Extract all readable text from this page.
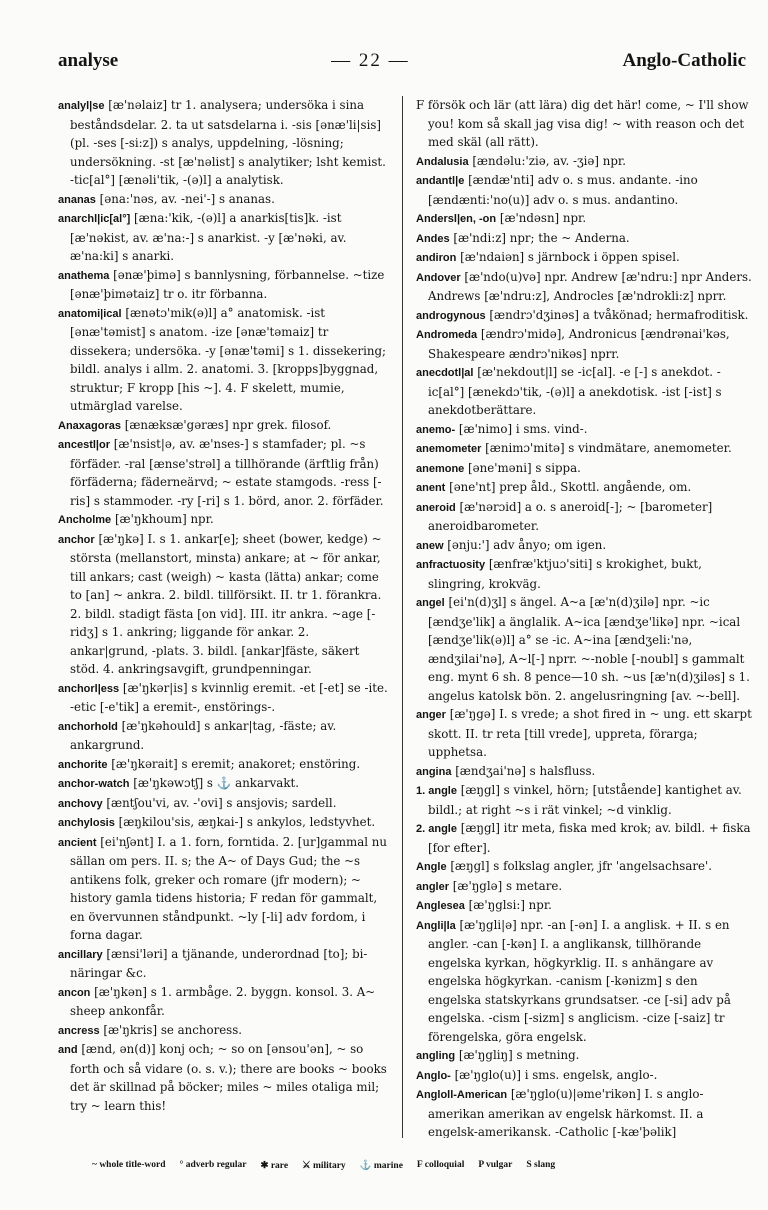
analyse	— 22 —	Anglo-Catholic

analyl|se [æ'nəlaiz] tr 1. analysera; undersöka i sina beståndsdelar. 2. ta ut satsdelarna i. -sis [ənæ'li|sis] (pl. -ses [-si:z]) s analys, uppdelning, -lösning; undersökning. -st [æ'nəlist] s analytiker; lsht kemist. -tic[al°] [ænəli'tik, -(ə)l] a analytisk.

ananas [əna:'nəs, av. -nei'-] s ananas.

anarchl|ic[al°] [æna:'kik, -(ə)l] a anarkis[tis]k. -ist [æ'nəkist, av. æ'na:-] s anarkist. -y [æ'nəki, av. æ'na:ki] s anarki.

anathema [ənæ'þimə] s bannlysning, förbannelse. ~tize [ənæ'þimətaiz] tr o. itr förbanna.

anatomi|ical [ænətɔ'mik(ə)l] a° anatomisk. -ist [ənæ'təmist] s anatom. -ize [ənæ'təmaiz] tr dissekera; undersöka. -y [ənæ'təmi] s 1. dissekering; bildl. analys i allm. 2. anatomi. 3. [kropps]byggnad, struktur; F kropp [his ~]. 4. F skelett, mumie, utmärglad varelse.

Anaxagoras [ænæksæ'gəræs] npr grek. filosof.

ancestl|or [æ'nsist|ə, av. æ'nses-] s stamfader; pl. ~s förfäder. -ral [ænse'strəl] a tillhörande (ärftlig från) förfäderna; fäderneärvd; ~ estate stamgods. -ress [-ris] s stammoder. -ry [-ri] s 1. börd, anor. 2. förfäder.

Ancholme [æ'ŋkhoum] npr.

anchor [æ'ŋkə] I. s 1. ankar[e]; sheet (bower, kedge) ~ största (mellanstort, minsta) ankare; at ~ för ankar, till ankars; cast (weigh) ~ kasta (lätta) ankar; come to [an] ~ ankra. 2. bildl. tillförsikt. II. tr 1. förankra. 2. bildl. stadigt fästa [on vid]. III. itr ankra. ~age [-ridʒ] s 1. ankring; liggande för ankar. 2. ankar|grund, -plats. 3. bildl. [ankar]fäste, säkert stöd. 4. ankringsavgift, grundpenningar.

anchorl|ess [æ'ŋkər|is] s kvinnlig eremit. -et [-et] se -ite. -etic [-e'tik] a eremit-, enstörings-.

anchorhold [æ'ŋkəhould] s ankar|tag, -fäste; av. ankargrund.

anchorite [æ'ŋkərait] s eremit; anakoret; enstöring.

anchor-watch [æ'ŋkəwɔtʃ] s ⚓ ankarvakt.

anchovy [æntʃou'vi, av. -'ovi] s ansjovis; sardell.

anchylosis [æŋkilou'sis, æŋkai-] s ankylos, ledstyvhet.

ancient [ei'nʃənt] I. a 1. forn, forntida. 2. [ur]gammal nu sällan om pers. II. s; the A~ of Days Gud; the ~s antikens folk, greker och romare (jfr modern); ~ history gamla tidens historia; F redan för gammalt, en övervunnen ståndpunkt. ~ly [-li] adv fordom, i forna dagar.

ancillary [ænsi'ləri] a tjänande, underordnad [to]; bi- näringar &c.

ancon [æ'ŋkən] s 1. armbåge. 2. byggn. konsol. 3. A~ sheep ankonfår.

ancress [æ'ŋkris] se anchoress.

and [ænd, ən(d)] konj och; ~ so on [ənsou'ən], ~ so forth och så vidare (o. s. v.); there are books ~ books det är skillnad på böcker; miles ~ miles otaliga mil; try ~ learn this!

F försök och lär (att lära) dig det här! come, ~ I'll show you! kom så skall jag visa dig! ~ with reason och det med skäl (all rätt).

Andalusia [ændəlu:'ziə, av. -ʒiə] npr.

andantl|e [ændæ'nti] adv o. s mus. andante. -ino [ændænti:'no(u)] adv o. s mus. andantino.

Andersl|en, -on [æ'ndəsn] npr.

Andes [æ'ndi:z] npr; the ~ Anderna.

andiron [æ'ndaiən] s järnbock i öppen spisel.

Andover [æ'ndo(u)və] npr. Andrew [æ'ndru:] npr Anders. Andrews [æ'ndru:z], Androcles [æ'ndrokli:z] nprr.

androgynous [ændrɔ'dʒinəs] a tvåkönad; hermafroditisk.

Andromeda [ændrɔ'midə], Andronicus [ændrənai'kəs, Shakespeare ændrɔ'nikəs] nprr.

anecdotl|al [æ'nekdout|l] se -ic[al]. -e [-] s anekdot. -ic[al°] [ænekdɔ'tik, -(ə)l] a anekdotisk. -ist [-ist] s anekdotberättare.

anemo- [æ'nimo] i sms. vind-.

anemometer [ænimɔ'mitə] s vindmätare, anemometer.

anemone [əne'məni] s sippa.

anent [əne'nt] prep åld., Skottl. angående, om.

aneroid [æ'nərɔid] a o. s aneroid[-]; ~ [barometer] aneroidbarometer.

anew [ənju:'] adv ånyo; om igen.

anfractuosity [ænfræ'ktjuɔ'siti] s krokighet, bukt, slingring, krokväg.

angel [ei'n(d)ʒl] s ängel. A~a [æ'n(d)ʒilə] npr. ~ic [ændʒe'lik] a änglalik. A~ica [ændʒe'likə] npr. ~ical [ændʒe'lik(ə)l] a° se -ic. A~ina [ændʒeli:'nə, ændʒilai'nə], A~l[-] nprr. ~-noble [-noubl] s gammalt eng. mynt 6 sh. 8 pence—10 sh. ~us [æ'n(d)ʒiləs] s 1. angelus katolsk bön. 2. angelusringning [av. ~-bell].

anger [æ'ŋgə] I. s vrede; a shot fired in ~ ung. ett skarpt skott. II. tr reta [till vrede], uppreta, förarga; upphetsa.

angina [ændʒai'nə] s halsfluss.

1. angle [æŋgl] s vinkel, hörn; [utstående] kantighet av. bildl.; at right ~s i rät vinkel; ~d vinklig.

2. angle [æŋgl] itr meta, fiska med krok; av. bildl. + fiska [for efter].

Angle [æŋgl] s folkslag angler, jfr 'angelsachsare'.

angler [æ'ŋglə] s metare.

Anglesea [æ'ŋglsi:] npr.

Angli|la [æ'ŋgli|ə] npr. -an [-ən] I. a anglisk. + II. s en angler. -can [-kən] I. a anglikansk, tillhörande engelska kyrkan, högkyrklig. II. s anhängare av engelska högkyrkan. -canism [-kənizm] s den engelska statskyrkans grundsatser. -ce [-si] adv på engelska. -cism [-sizm] s anglicism. -cize [-saiz] tr förengelska, göra engelsk.

angling [æ'ŋgliŋ] s metning.

Anglo- [æ'ŋglo(u)] i sms. engelsk, anglo-.

Angloll-American [æ'ŋglo(u)|əme'rikən] I. s anglo-amerikan amerikan av engelsk härkomst. II. a engelsk-amerikansk. -Catholic [-kæ'þəlik]

~ whole title-word ° adverb regular ✱ rare ⚔ military ⚓ marine F colloquial P vulgar S slang
